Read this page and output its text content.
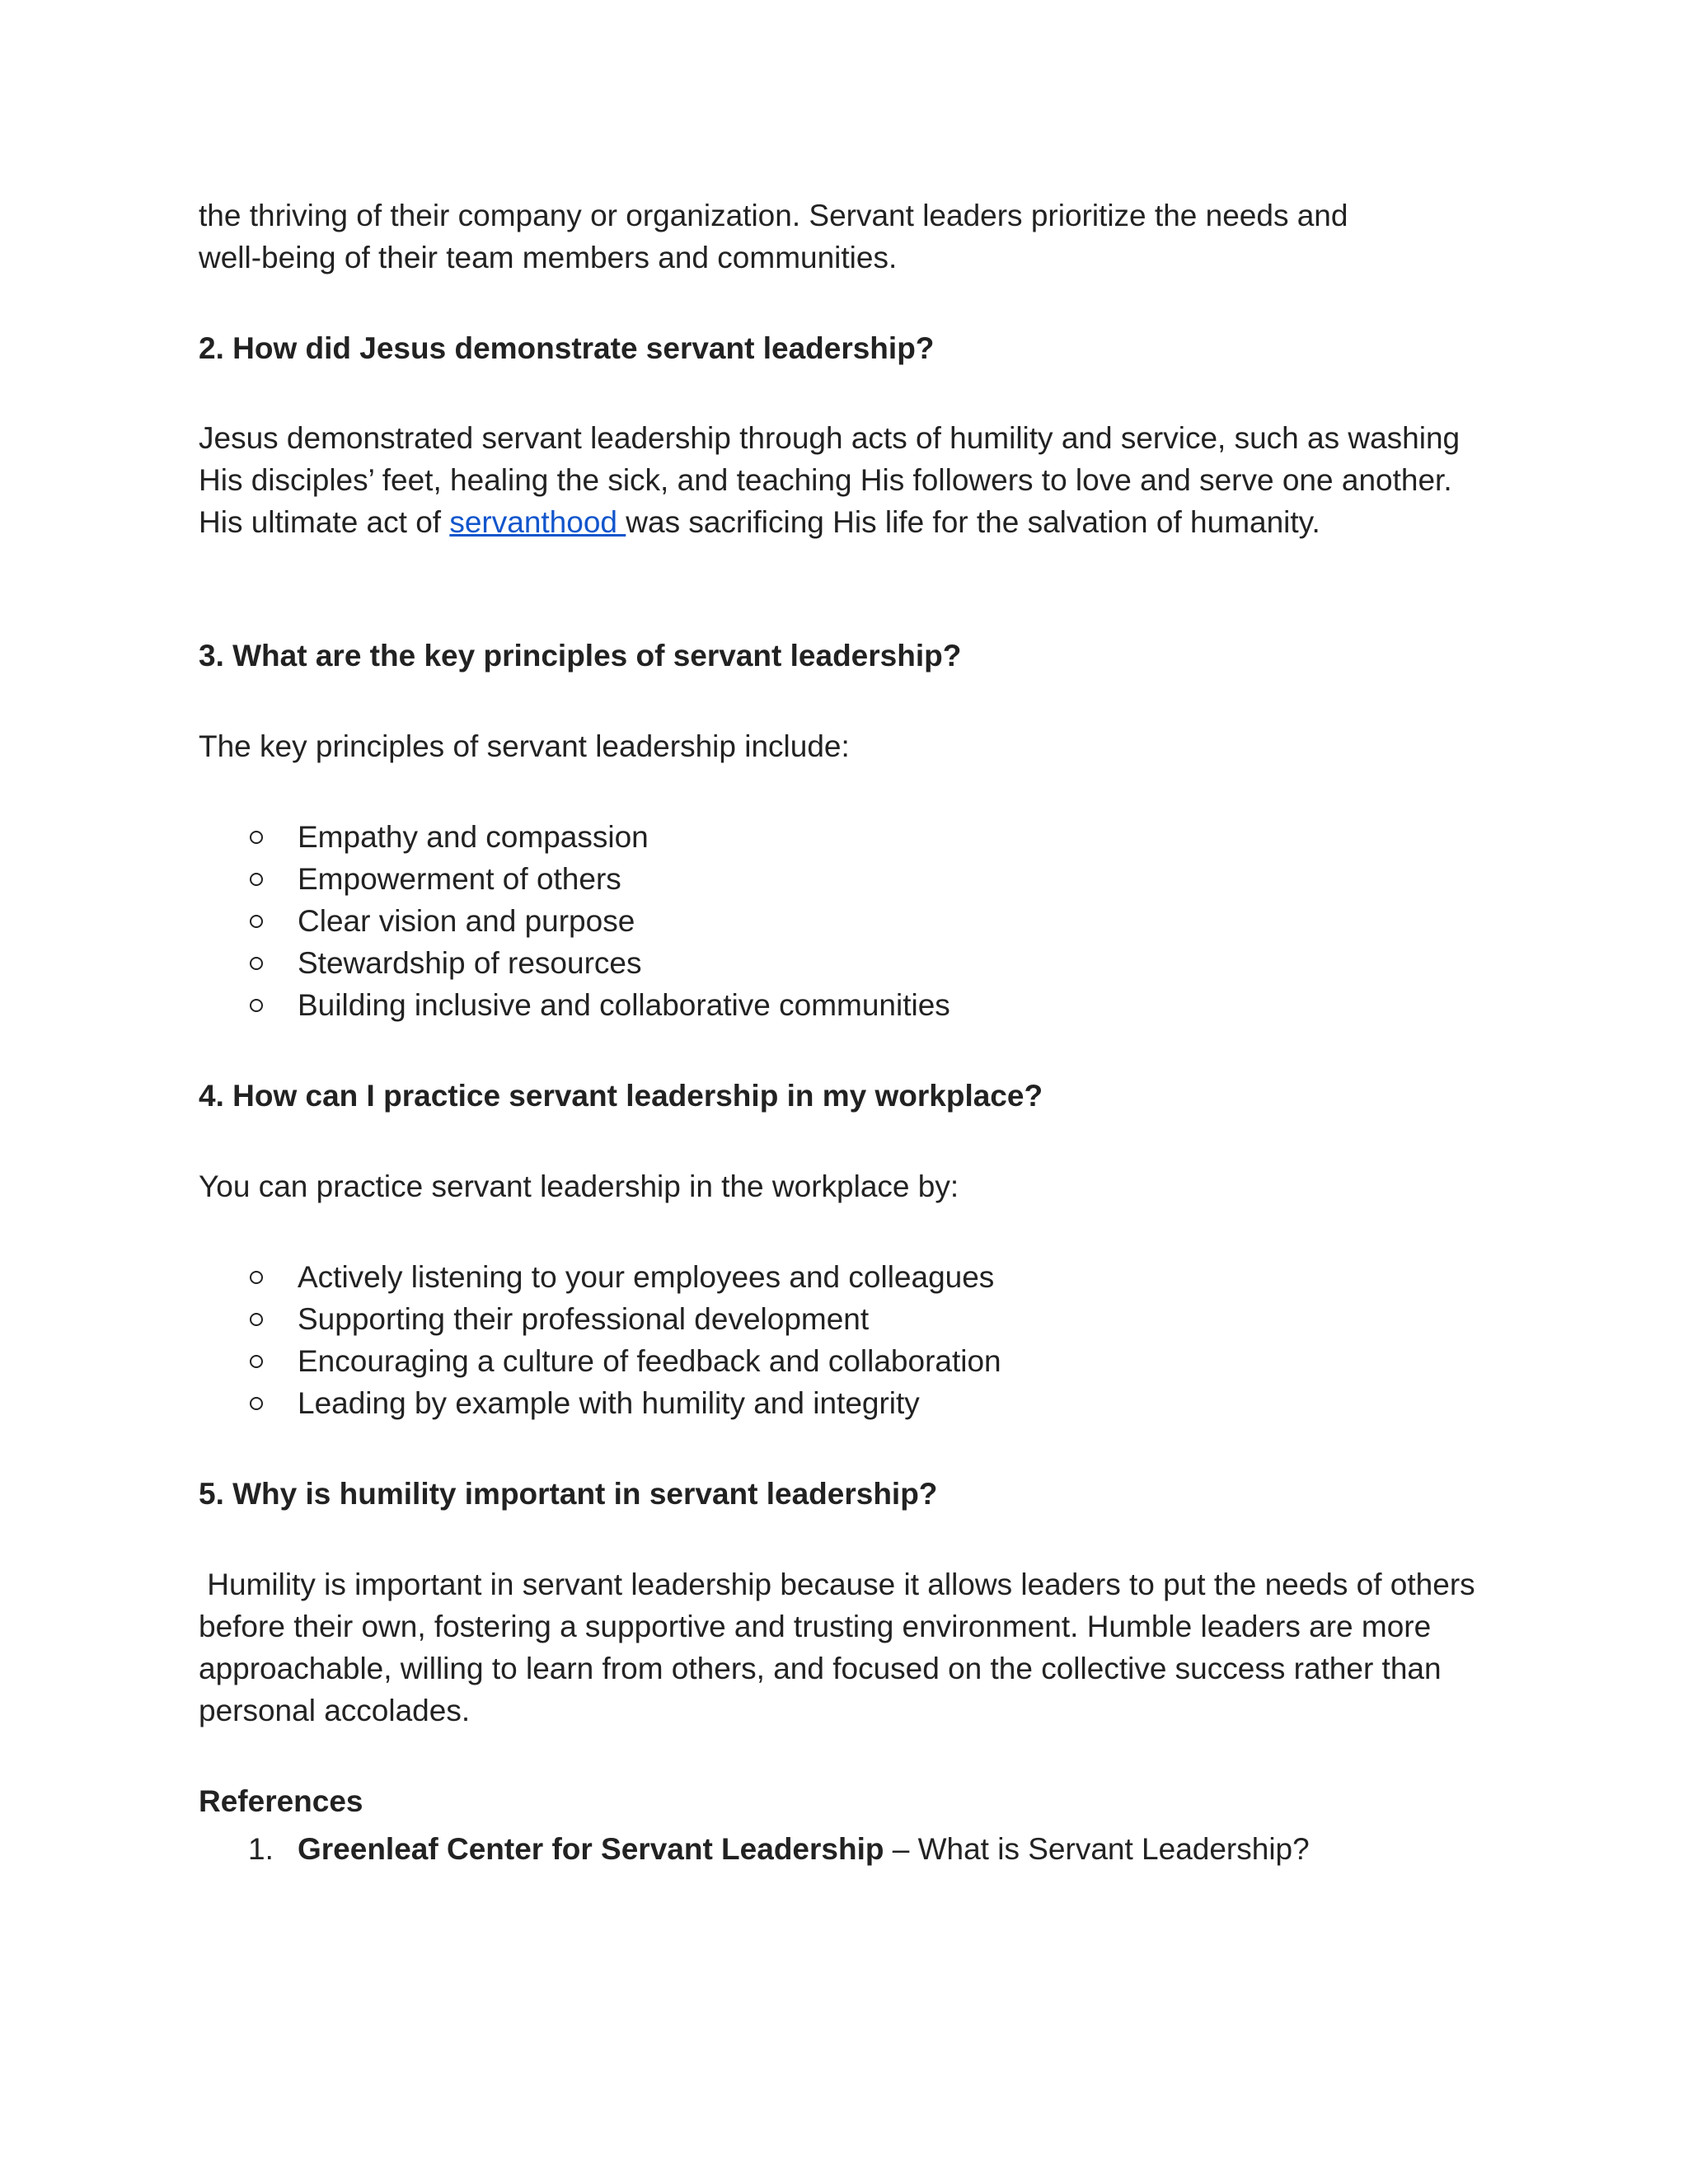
the thriving of their company or organization. Servant leaders prioritize the needs and
well-being of their team members and communities.

2. How did Jesus demonstrate servant leadership?

Jesus demonstrated servant leadership through acts of humility and service, such as washing His disciples’ feet, healing the sick, and teaching His followers to love and serve one another. His ultimate act of servanthood was sacrificing His life for the salvation of humanity.

3. What are the key principles of servant leadership?

The key principles of servant leadership include:

Empathy and compassion
Empowerment of others
Clear vision and purpose
Stewardship of resources
Building inclusive and collaborative communities

4. How can I practice servant leadership in my workplace?

You can practice servant leadership in the workplace by:

Actively listening to your employees and colleagues
Supporting their professional development
Encouraging a culture of feedback and collaboration
Leading by example with humility and integrity

5. Why is humility important in servant leadership?

Humility is important in servant leadership because it allows leaders to put the needs of others before their own, fostering a supportive and trusting environment. Humble leaders are more approachable, willing to learn from others, and focused on the collective success rather than personal accolades.

References

1. Greenleaf Center for Servant Leadership – What is Servant Leadership?
